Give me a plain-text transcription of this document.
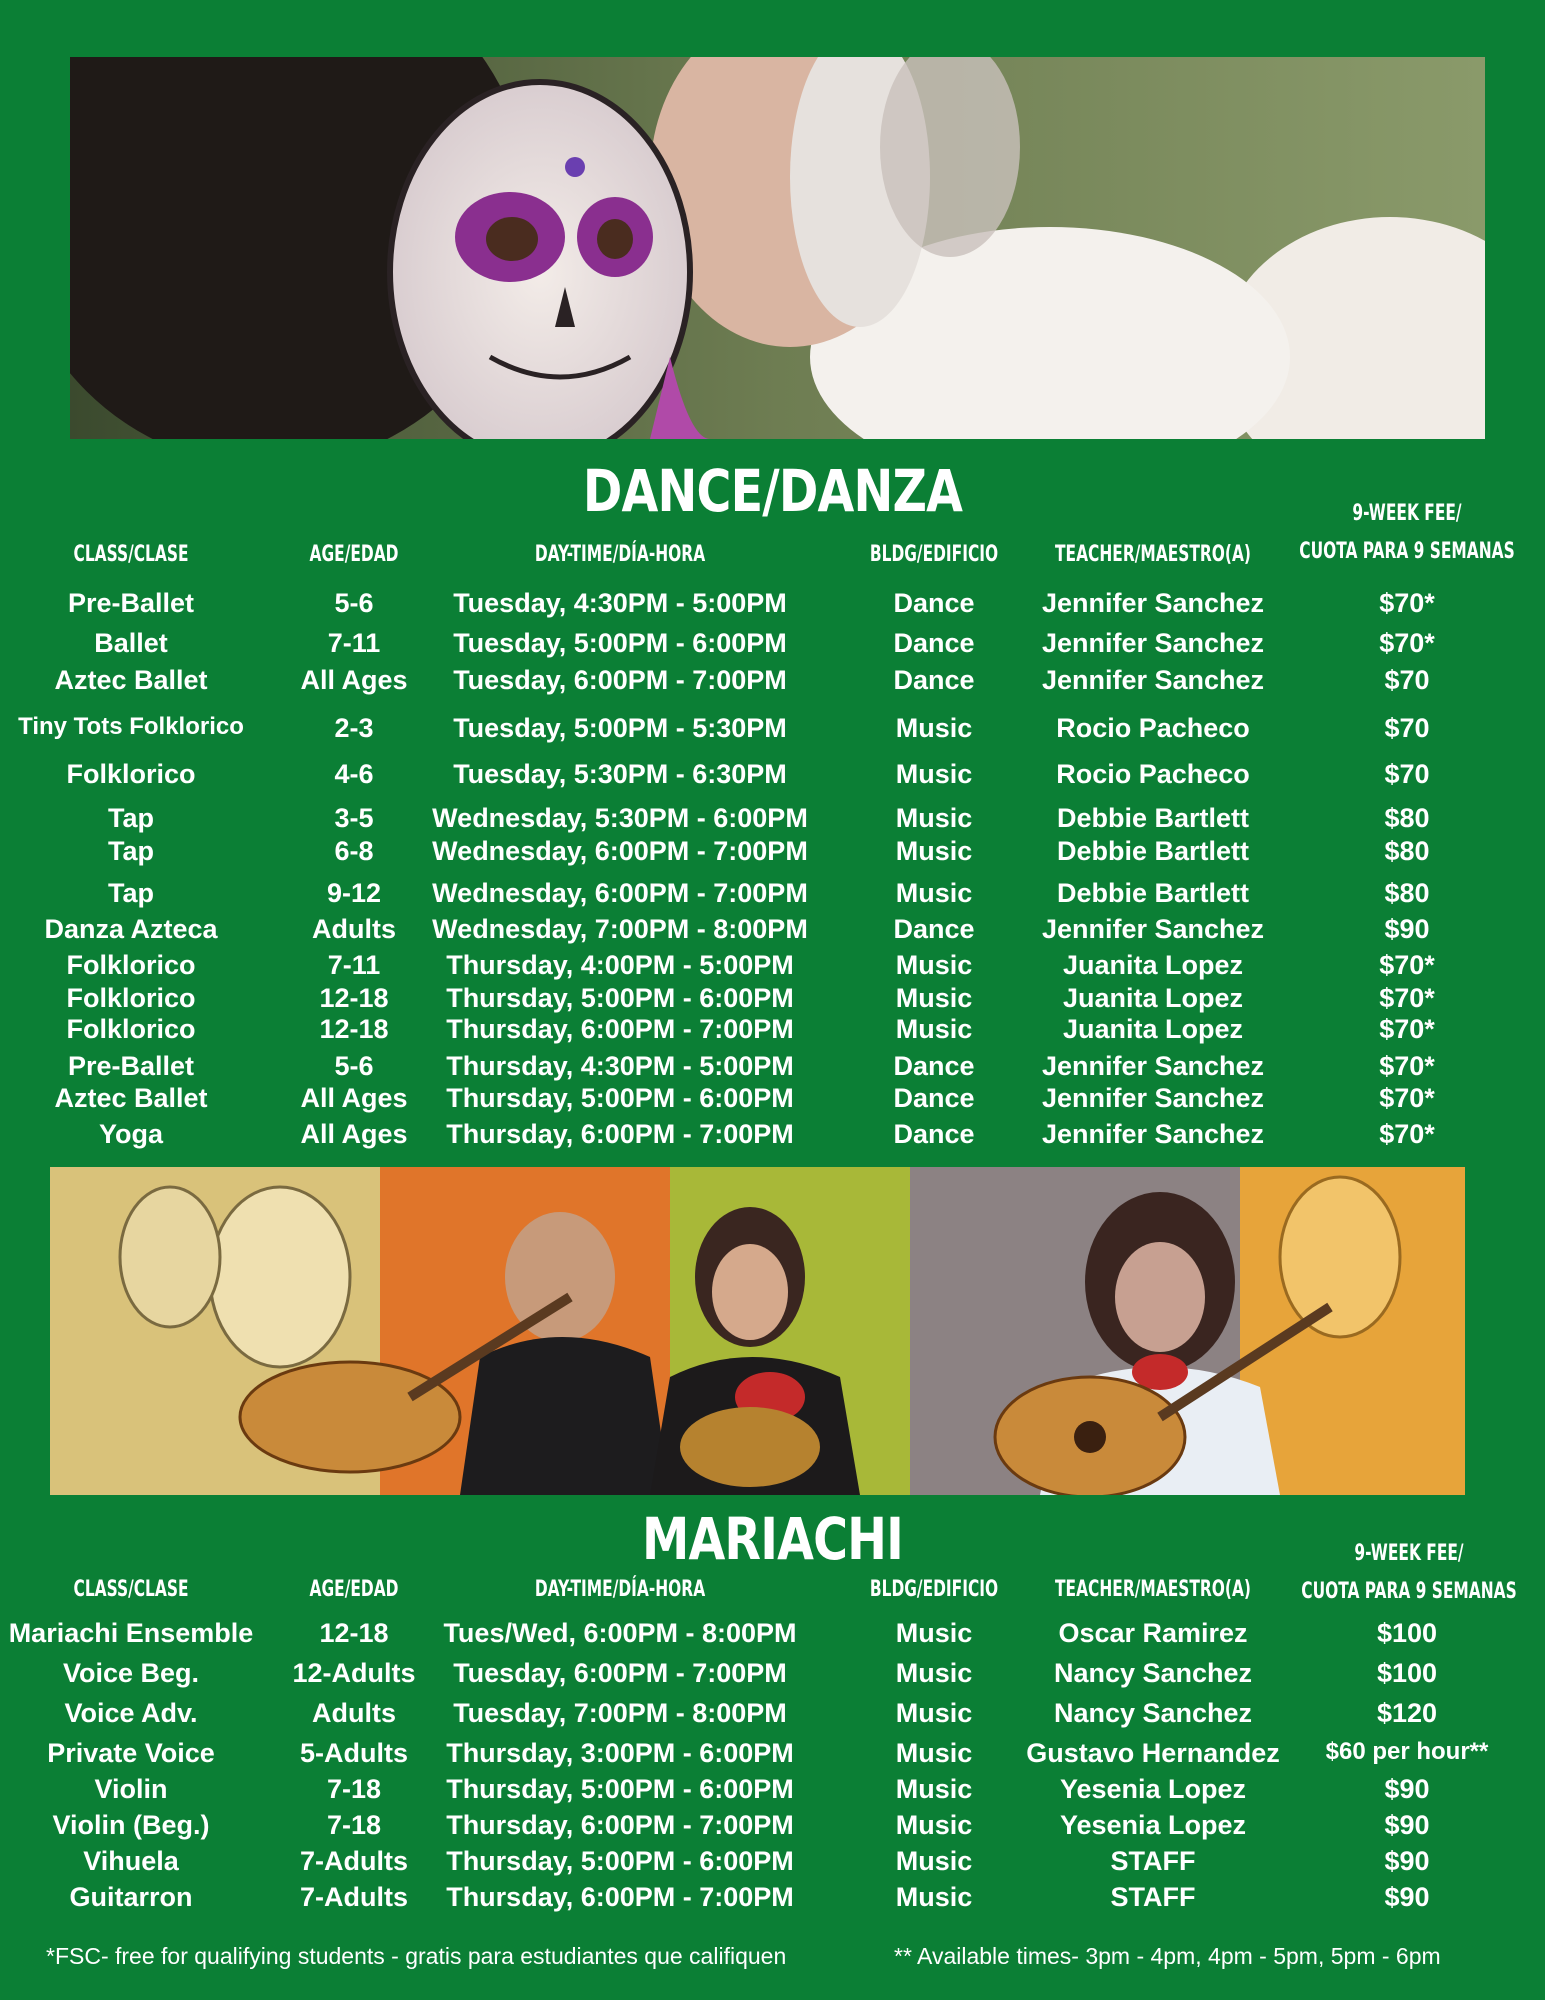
DANCE/DANZA
CLASS/CLASE	AGE/EDAD	DAY-TIME/DÍA-HORA	BLDG/EDIFICIO	TEACHER/MAESTRO(A)
9-WEEK FEE/
CUOTA PARA 9 SEMANAS
Pre-Ballet	5-6	Tuesday, 4:30PM - 5:00PM	Dance Jennifer Sanchez	$70*
Ballet	7-11	Tuesday, 5:00PM - 6:00PM	Dance Jennifer Sanchez	$70*
Aztec Ballet	All Ages Tuesday, 6:00PM - 7:00PM	Dance Jennifer Sanchez	$70
Tiny Tots Folklorico	2-3	Tuesday, 5:00PM - 5:30PM	Music	Rocio Pacheco	$70
Folklorico	4-6	Tuesday, 5:30PM - 6:30PM	Music	Rocio Pacheco	$70
Tap	3-5 Wednesday, 5:30PM - 6:00PM	Music	Debbie Bartlett	$80
Tap	6-8 Wednesday, 6:00PM - 7:00PM	Music	Debbie Bartlett	$80
Tap	9-12 Wednesday, 6:00PM - 7:00PM	Music	Debbie Bartlett	$80
Danza Azteca	Adults Wednesday, 7:00PM - 8:00PM	Dance Jennifer Sanchez	$90
Folklorico	7-11 Thursday, 4:00PM - 5:00PM	Music	Juanita Lopez	$70*
Folklorico	12-18 Thursday, 5:00PM - 6:00PM	Music	Juanita Lopez	$70*
Folklorico	12-18 Thursday, 6:00PM - 7:00PM	Music	Juanita Lopez	$70*
Pre-Ballet	5-6	Thursday, 4:30PM - 5:00PM	Dance Jennifer Sanchez	$70*
Aztec Ballet	All Ages Thursday, 5:00PM - 6:00PM	Dance Jennifer Sanchez	$70*
Yoga	All Ages Thursday, 6:00PM - 7:00PM	Dance Jennifer Sanchez	$70*
MARIACHI
CLASS/CLASE	AGE/EDAD	DAY-TIME/DÍA-HORA	BLDG/EDIFICIO	TEACHER/MAESTRO(A)
9-WEEK FEE/
CUOTA PARA 9 SEMANAS
Mariachi Ensemble 12-18 Tues/Wed, 6:00PM - 8:00PM	Music	Oscar Ramirez	$100
Voice Beg.	12-Adults Tuesday, 6:00PM - 7:00PM	Music	Nancy Sanchez	$100
Voice Adv.	Adults Tuesday, 7:00PM - 8:00PM	Music	Nancy Sanchez	$120
Private Voice	5-Adults Thursday, 3:00PM - 6:00PM	Music Gustavo Hernandez $60 per hour**
Violin	7-18 Thursday, 5:00PM - 6:00PM	Music	Yesenia Lopez	$90
Violin (Beg.)	7-18 Thursday, 6:00PM - 7:00PM	Music	Yesenia Lopez	$90
Vihuela	7-Adults Thursday, 5:00PM - 6:00PM	Music	STAFF	$90
Guitarron	7-Adults Thursday, 6:00PM - 7:00PM	Music	STAFF	$90
*FSC- free for qualifying students - gratis para estudiantes que califiquen	** Available times- 3pm - 4pm, 4pm - 5pm, 5pm - 6pm
